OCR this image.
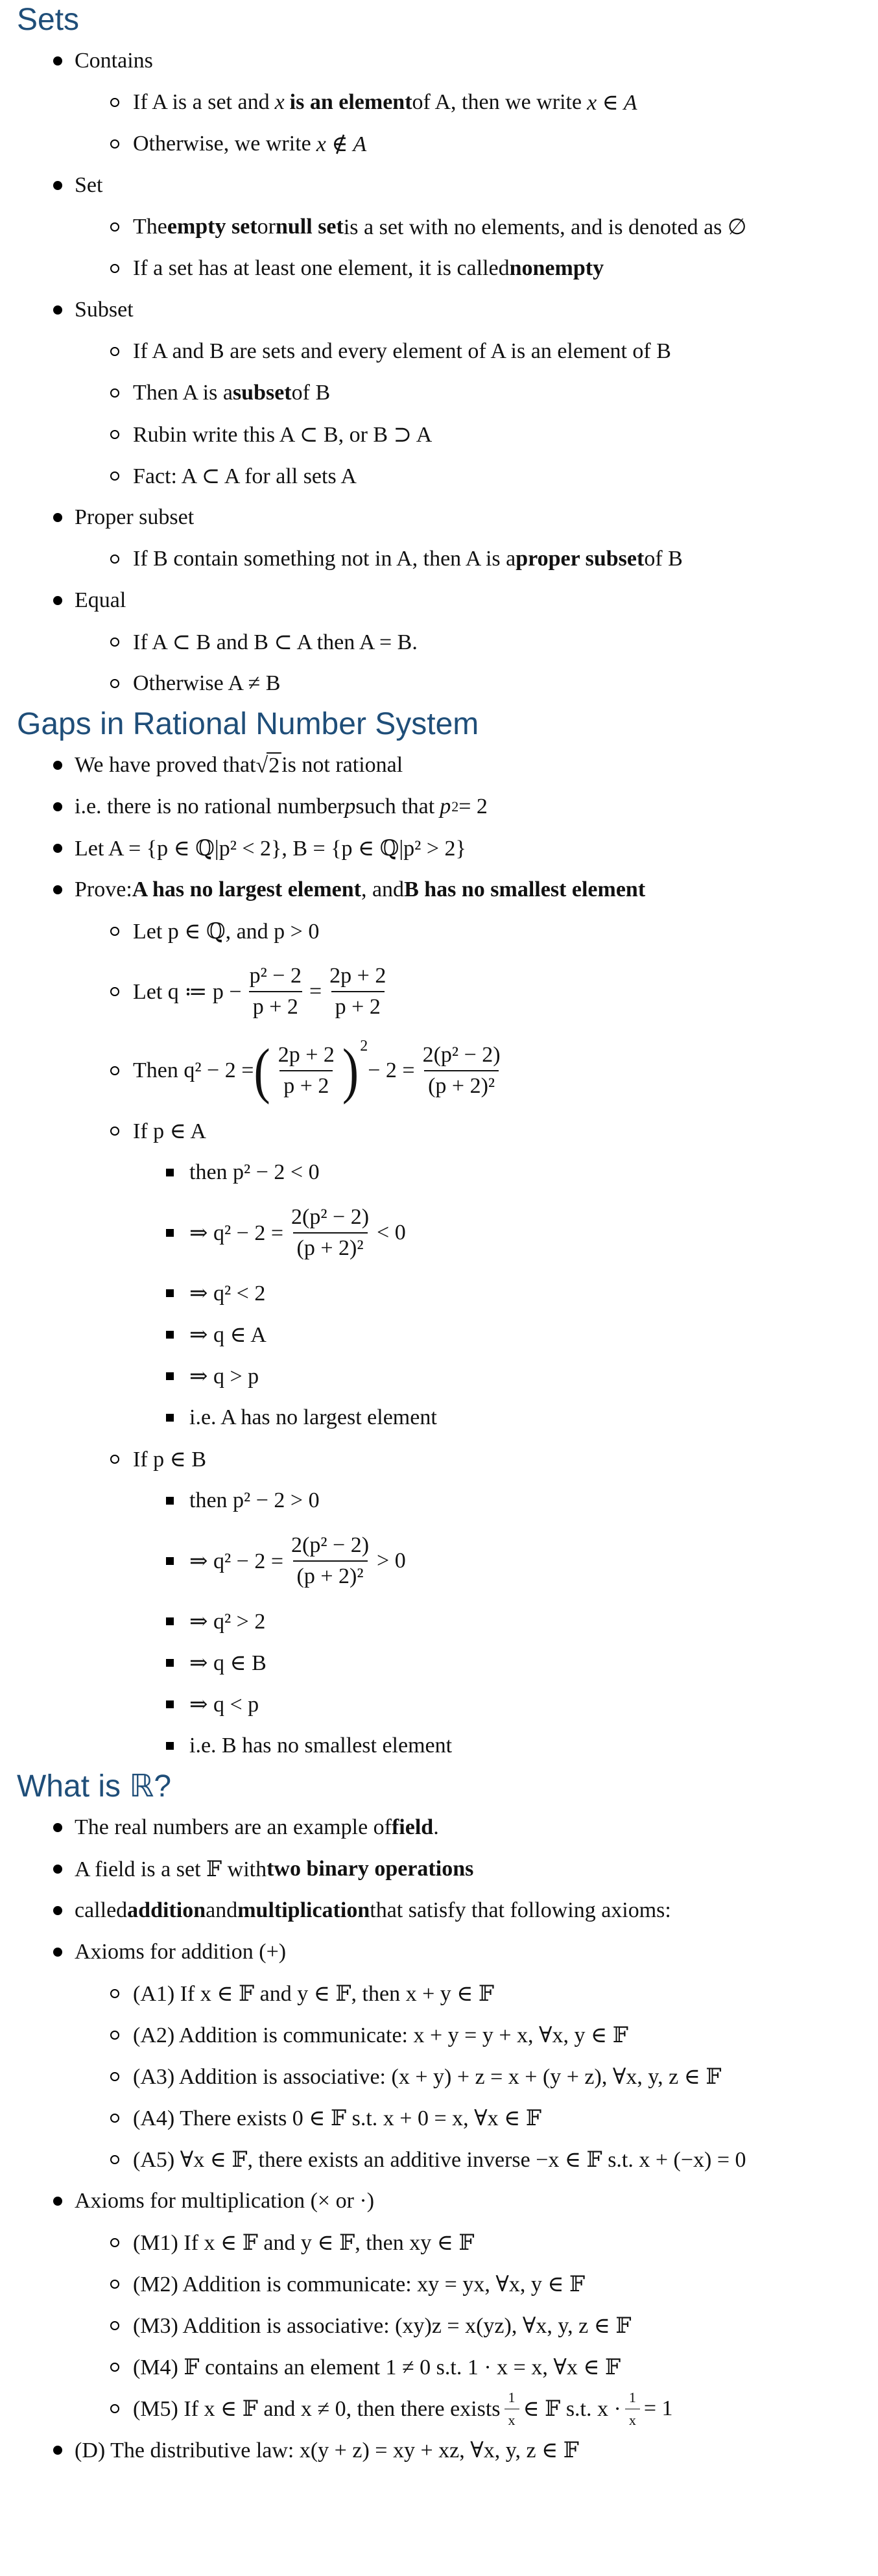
Sets
Contains
If A is a set and x is an element of A, then we write x ∈ A
Otherwise, we write x ∉ A
Set
The empty set or null set is a set with no elements, and is denoted as ∅
If a set has at least one element, it is called nonempty
Subset
If A and B are sets and every element of A is an element of B
Then A is a subset of B
Rubin write this A ⊂ B, or B ⊃ A
Fact: A ⊂ A for all sets A
Proper subset
If B contain something not in A, then A is a proper subset of B
Equal
If A ⊂ B and B ⊂ A then A = B.
Otherwise A ≠ B
Gaps in Rational Number System
We have proved that √ 2 is not rational
i.e. there is no rational number p such that p 2 = 2
Let A = {p ∈ ℚ|p² < 2}, B = {p ∈ ℚ|p² > 2}
Prove: A has no largest element , and B has no smallest element
Let p ∈ ℚ, and p > 0
Let q ≔ $p - \frac{\text{p² − 2}}{p + 2} = \frac{2p + 2}{p + 2}$
Then q² − 2 = ( $\frac{2p + 2}{p + 2}$ ) 2
− $2 = \frac{\text{2(p² − 2)}}{\text{(p + 2)²}}$
If p ∈ A
then p² − 2 < 0
⇒ $q^2 - 2 = \frac{\text{2(p² − 2)}}{\text{(p + 2)²}} < 0$
⇒ q² < 2
⇒ q ∈ A
⇒ q > p
i.e. A has no largest element
If p ∈ B
then p² − 2 > 0
⇒ $q^2 - 2 = \frac{\text{2(p² − 2)}}{\text{(p + 2)²}} > 0$
⇒ q² > 2
⇒ q ∈ B
⇒ q < p
i.e. B has no smallest element
What is ℝ?
The real numbers are an example of field .
A field is a set 𝔽 with two binary operations
called addition and multiplication that satisfy that following axioms:
Axioms for addition (+)
(A1) If x ∈ 𝔽 and y ∈ 𝔽, then x + y ∈ 𝔽
(A2) Addition is communicate: x + y = y + x, ∀x, y ∈ 𝔽
(A3) Addition is associative: (x + y) + z = x + (y + z), ∀x, y, z ∈ 𝔽
(A4) There exists 0 ∈ 𝔽 s.t. x + 0 = x, ∀x ∈ 𝔽
(A5) ∀x ∈ 𝔽, there exists an additive inverse −x ∈ 𝔽 s.t. x + (−x) = 0
Axioms for multiplication (× or ·)
(M1) If x ∈ 𝔽 and y ∈ 𝔽, then xy ∈ 𝔽
(M2) Addition is communicate: xy = yx, ∀x, y ∈ 𝔽
(M3) Addition is associative: (xy)z = x(yz), ∀x, y, z ∈ 𝔽
(M4) 𝔽 contains an element 1 ≠ 0 s.t. 1 · x = x, ∀x ∈ 𝔽
(M5) If x ∈ 𝔽 and x ≠ 0, then there exists $\frac{1}{x}$ ∈ 𝔽 s.t. $x \cdot \frac{1}{x} = 1$
(D) The distributive law: x(y + z) = xy + xz, ∀x, y, z ∈ 𝔽
